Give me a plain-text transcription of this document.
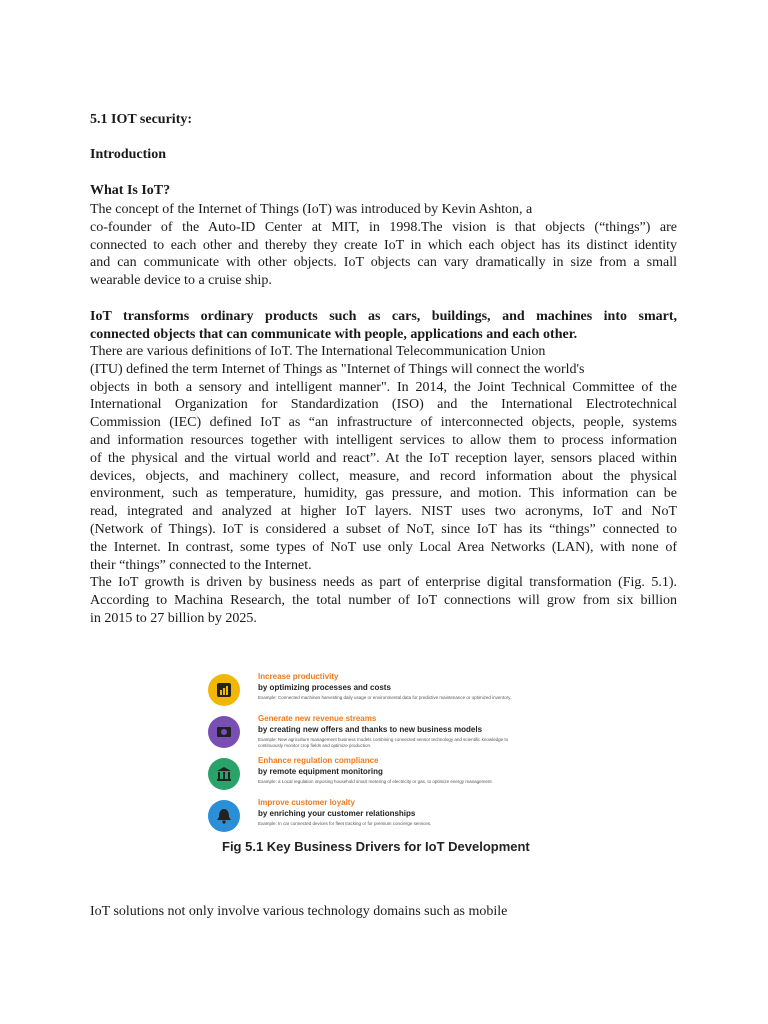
5.1 IOT security:
Introduction
What Is IoT?
The concept of the Internet of Things (IoT) was introduced by Kevin Ashton, a
co-founder of the Auto-ID Center at MIT, in 1998.The vision is that objects (“things”) are
connected to each other and thereby they create IoT in which each object has its distinct identity
and can communicate with other objects. IoT objects can vary dramatically in size from a small
wearable device to a cruise ship.
IoT transforms ordinary products such as cars, buildings, and machines into smart,
connected objects that can communicate with people, applications and each other.
There are various definitions of IoT. The International Telecommunication Union
(ITU) defined the term Internet of Things as "Internet of Things will connect the world's
objects in both a sensory and intelligent manner". In 2014, the Joint Technical Committee of the
International Organization for Standardization (ISO) and the International Electrotechnical
Commission (IEC) defined IoT as “an infrastructure of interconnected objects, people, systems
and information resources together with intelligent services to allow them to process information
of the physical and the virtual world and react”. At the IoT reception layer, sensors placed within
devices, objects, and machinery collect, measure, and record information about the physical
environment, such as temperature, humidity, gas pressure, and motion. This information can be
read, integrated and analyzed at higher IoT layers. NIST uses two acronyms, IoT and NoT
(Network of Things). IoT is considered a subset of NoT, since IoT has its “things” connected to
the Internet. In contrast, some types of NoT use only Local Area Networks (LAN), with none of
their “things” connected to the Internet.
The IoT growth is driven by business needs as part of enterprise digital transformation (Fig. 5.1).
According to Machina Research, the total number of IoT connections will grow from six billion
in 2015 to 27 billion by 2025.
Increase productivity
by optimizing processes and costs
Example: Connected machines harvesting daily usage or environmental data for predictive maintenance or optimized inventory.
Generate new revenue streams
by creating new offers and thanks to new business models
Example: New agriculture management business models combining connected sensor technology and scientific knowledge to continuously monitor crop fields and optimize production.
Enhance regulation compliance
by remote equipment monitoring
Example: a Local regulation imposing household smart metering of electricity or gas, to optimize energy management.
Improve customer loyalty
by enriching your customer relationships
Example: In car connected devices for fleet tracking or for premium concierge services.
Fig 5.1 Key Business Drivers for IoT Development
IoT solutions not only involve various technology domains such as mobile
